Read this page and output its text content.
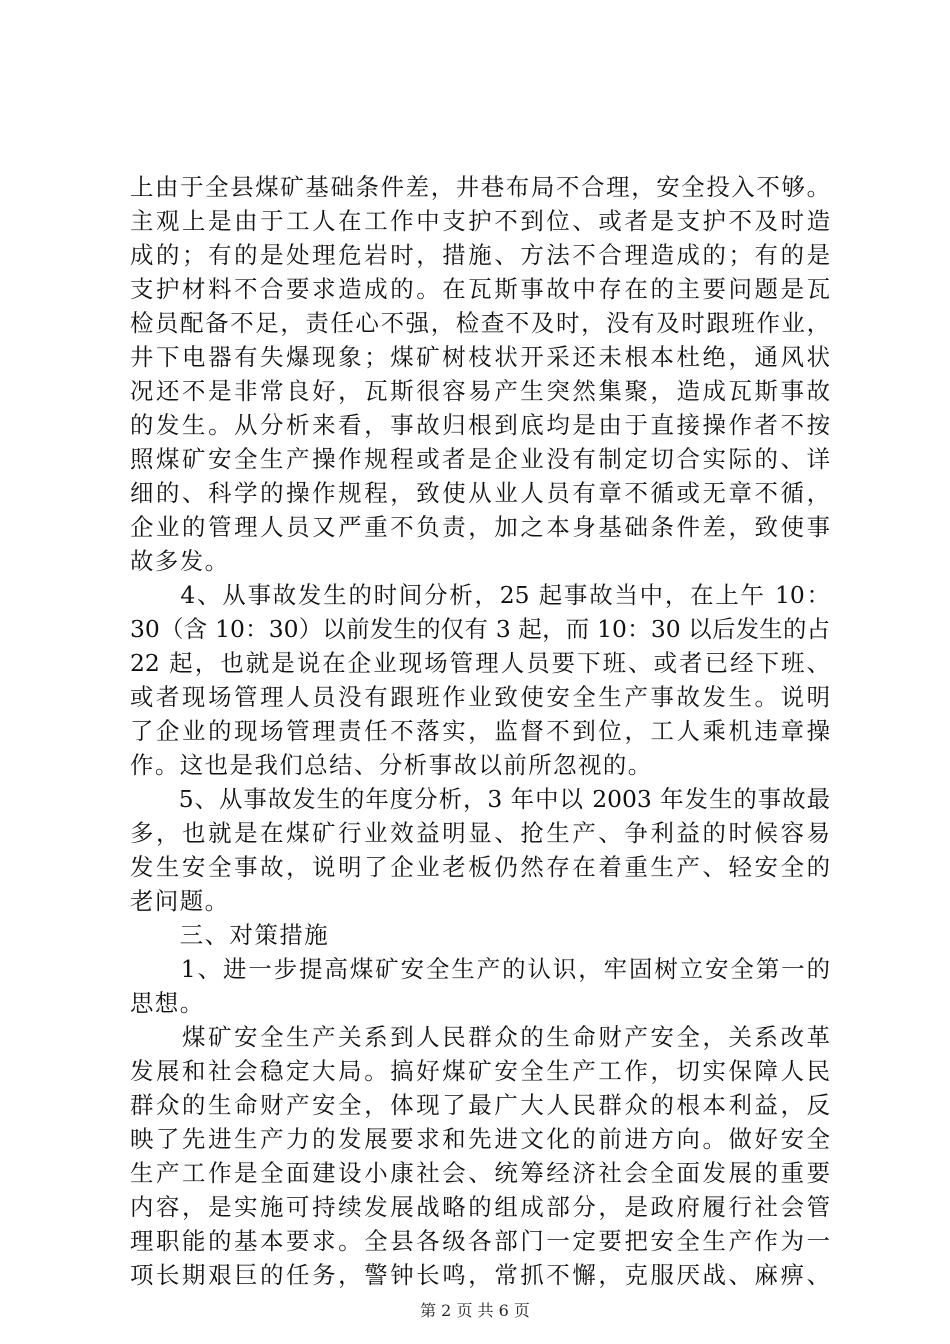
上由于全县煤矿基础条件差，井巷布局不合理，安全投入不够。
主观上是由于工人在工作中支护不到位、或者是支护不及时造
成的；有的是处理危岩时，措施、方法不合理造成的；有的是
支护材料不合要求造成的。在瓦斯事故中存在的主要问题是瓦
检员配备不足，责任心不强，检查不及时，没有及时跟班作业，
井下电器有失爆现象；煤矿树枝状开采还未根本杜绝，通风状
况还不是非常良好，瓦斯很容易产生突然集聚，造成瓦斯事故
的发生。从分析来看，事故归根到底均是由于直接操作者不按
照煤矿安全生产操作规程或者是企业没有制定切合实际的、详
细的、科学的操作规程，致使从业人员有章不循或无章不循，
企业的管理人员又严重不负责，加之本身基础条件差，致使事
故多发。
　　4、从事故发生的时间分析，25 起事故当中，在上午 10：
30（含 10：30）以前发生的仅有 3 起，而 10：30 以后发生的占
22 起，也就是说在企业现场管理人员要下班、或者已经下班、
或者现场管理人员没有跟班作业致使安全生产事故发生。说明
了企业的现场管理责任不落实，监督不到位，工人乘机违章操
作。这也是我们总结、分析事故以前所忽视的。
　　5、从事故发生的年度分析，3 年中以 2003 年发生的事故最
多，也就是在煤矿行业效益明显、抢生产、争利益的时候容易
发生安全事故，说明了企业老板仍然存在着重生产、轻安全的
老问题。
　　三、对策措施
　　1、进一步提高煤矿安全生产的认识，牢固树立安全第一的
思想。
　　煤矿安全生产关系到人民群众的生命财产安全，关系改革
发展和社会稳定大局。搞好煤矿安全生产工作，切实保障人民
群众的生命财产安全，体现了最广大人民群众的根本利益，反
映了先进生产力的发展要求和先进文化的前进方向。做好安全
生产工作是全面建设小康社会、统筹经济社会全面发展的重要
内容，是实施可持续发展战略的组成部分，是政府履行社会管
理职能的基本要求。全县各级各部门一定要把安全生产作为一
项长期艰巨的任务，警钟长鸣，常抓不懈，克服厌战、麻痹、
第 2 页 共 6 页
